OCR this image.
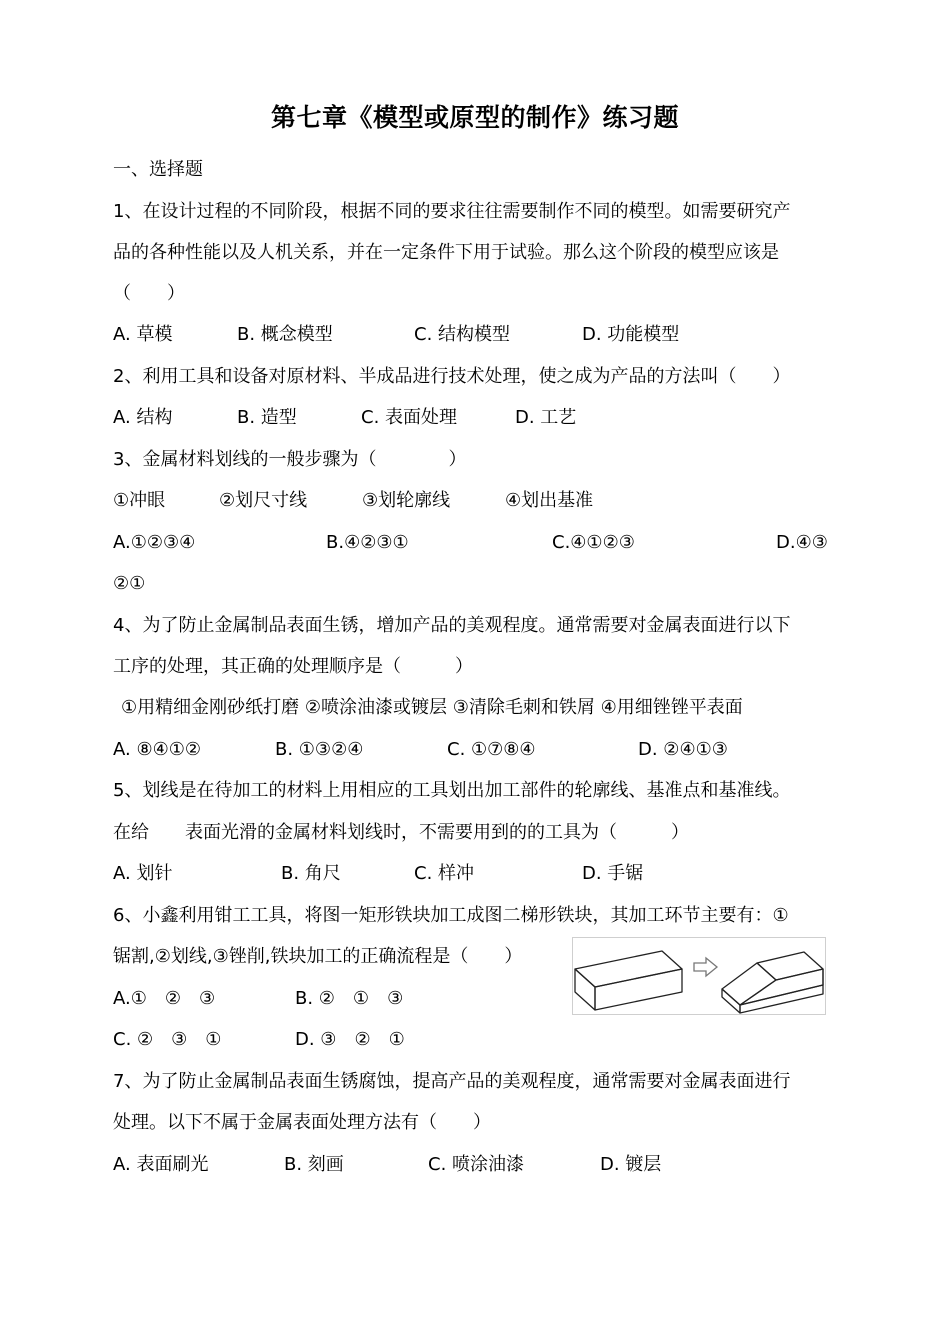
第七章《模型或原型的制作》练习题
一、选择题
1、在设计过程的不同阶段，根据不同的要求往往需要制作不同的模型。如需要研究产
品的各种性能以及人机关系，并在一定条件下用于试验。那么这个阶段的模型应该是
（　　）
A. 草模	B. 概念模型	C. 结构模型	D. 功能模型
2、利用工具和设备对原材料、半成品进行技术处理，使之成为产品的方法叫（　　）
A. 结构	B. 造型	C. 表面处理	D. 工艺
3、金属材料划线的一般步骤为（　　　　）
①冲眼	②划尺寸线	③划轮廓线	④划出基准
A.①②③④	B.④②③①	C.④①②③	D.④③
②①
4、为了防止金属制品表面生锈，增加产品的美观程度。通常需要对金属表面进行以下
工序的处理，其正确的处理顺序是（　　　）
①用精细金刚砂纸打磨 ②喷涂油漆或镀层 ③清除毛刺和铁屑 ④用细锉锉平表面
A. ⑧④①②	B. ①③②④	C. ①⑦⑧④	D. ②④①③
5、划线是在待加工的材料上用相应的工具划出加工部件的轮廓线、基准点和基准线。
在给　　表面光滑的金属材料划线时，不需要用到的的工具为（　　　）
A. 划针	B. 角尺	C. 样冲	D. 手锯
6、小鑫利用钳工工具，将图一矩形铁块加工成图二梯形铁块，其加工环节主要有：①
锯割,②划线,③锉削,铁块加工的正确流程是（　　）
A.①　②　③	B. ②　①　③
C. ②　③　①	D. ③　②　①
7、为了防止金属制品表面生锈腐蚀，提高产品的美观程度，通常需要对金属表面进行
处理。以下不属于金属表面处理方法有（　　）
A. 表面刷光	B. 刻画	C. 喷涂油漆	D. 镀层
